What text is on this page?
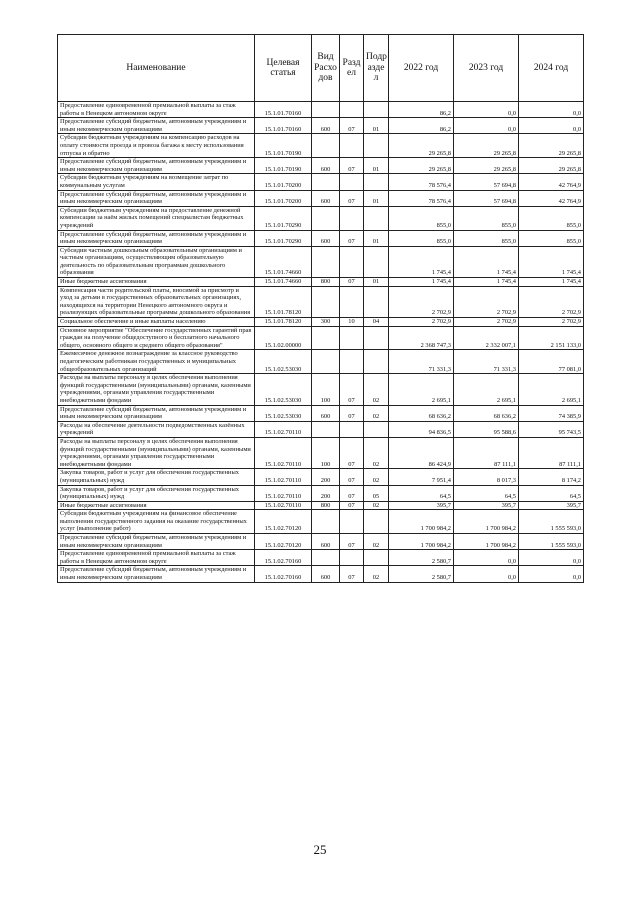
Наименование	Целевая статья	Вид Расхо дов	Разд ел	Подр азде л	2022 год	2023 год	2024 год
Предоставление единовременной премиальной выплаты за стаж работы в Ненецком автономном округе	15.1.01.70160				86,2	0,0	0,0
Предоставление субсидий бюджетным, автономным учреждениям и иным некоммерческим организациям	15.1.01.70160	600	07	01	86,2	0,0	0,0
Субсидии бюджетным учреждениям на компенсацию расходов на оплату стоимости проезда и провоза багажа к месту использования отпуска и обратно	15.1.01.70190				29 265,8	29 265,8	29 265,8
Предоставление субсидий бюджетным, автономным учреждениям и иным некоммерческим организациям	15.1.01.70190	600	07	01	29 265,8	29 265,8	29 265,8
Субсидии бюджетным учреждениям на возмещение затрат по коммунальным услугам	15.1.01.70200				78 576,4	57 694,8	42 764,9
Предоставление субсидий бюджетным, автономным учреждениям и иным некоммерческим организациям	15.1.01.70200	600	07	01	78 576,4	57 694,8	42 764,9
Субсидии бюджетным учреждениям на предоставление денежной компенсации за наём жилых помещений специалистам бюджетных учреждений	15.1.01.70290				855,0	855,0	855,0
Предоставление субсидий бюджетным, автономным учреждениям и иным некоммерческим организациям	15.1.01.70290	600	07	01	855,0	855,0	855,0
Субсидии частным дошкольным образовательным организациям и частным организациям, осуществляющим образовательную деятельность по образовательным программам дошкольного образования	15.1.01.74660				1 745,4	1 745,4	1 745,4
Иные бюджетные ассигнования	15.1.01.74660	800	07	01	1 745,4	1 745,4	1 745,4
Компенсация части родительской платы, вносимой за присмотр и уход за детьми в государственных образовательных организациях, находящихся на территории Ненецкого автономного округа и реализующих образовательные программы дошкольного образования	15.1.01.78120				2 702,9	2 702,9	2 702,9
Социальное обеспечение и иные выплаты населению	15.1.01.78120	300	10	04	2 702,9	2 702,9	2 702,9
Основное мероприятие "Обеспечение государственных гарантий прав граждан на получение общедоступного и бесплатного начального общего, основного общего и среднего общего образования"	15.1.02.00000				2 368 747,3	2 332 007,1	2 151 133,0
Ежемесячное денежное вознаграждение за классное руководство педагогическим работникам государственных и муниципальных общеобразовательных организаций	15.1.02.53030				71 331,3	71 331,3	77 081,0
Расходы на выплаты персоналу в целях обеспечения выполнения функций государственными (муниципальными) органами, казенными учреждениями, органами управления государственными внебюджетными фондами	15.1.02.53030	100	07	02	2 695,1	2 695,1	2 695,1
Предоставление субсидий бюджетным, автономным учреждениям и иным некоммерческим организациям	15.1.02.53030	600	07	02	68 636,2	68 636,2	74 385,9
Расходы на обеспечение деятельности подведомственных казённых учреждений	15.1.02.70110				94 836,5	95 588,6	95 743,5
Расходы на выплаты персоналу в целях обеспечения выполнения функций государственными (муниципальными) органами, казенными учреждениями, органами управления государственными внебюджетными фондами	15.1.02.70110	100	07	02	86 424,9	87 111,1	87 111,1
Закупка товаров, работ и услуг для обеспечения государственных (муниципальных) нужд	15.1.02.70110	200	07	02	7 951,4	8 017,3	8 174,2
Закупка товаров, работ и услуг для обеспечения государственных (муниципальных) нужд	15.1.02.70110	200	07	05	64,5	64,5	64,5
Иные бюджетные ассигнования	15.1.02.70110	800	07	02	395,7	395,7	395,7
Субсидии бюджетным учреждениям на финансовое обеспечение выполнения государственного задания на оказание государственных услуг (выполнение работ)	15.1.02.70120				1 700 984,2	1 700 984,2	1 555 593,0
Предоставление субсидий бюджетным, автономным учреждениям и иным некоммерческим организациям	15.1.02.70120	600	07	02	1 700 984,2	1 700 984,2	1 555 593,0
Предоставление единовременной премиальной выплаты за стаж работы в Ненецком автономном округе	15.1.02.70160				2 580,7	0,0	0,0
Предоставление субсидий бюджетным, автономным учреждениям и иным некоммерческим организациям	15.1.02.70160	600	07	02	2 580,7	0,0	0,0
25
